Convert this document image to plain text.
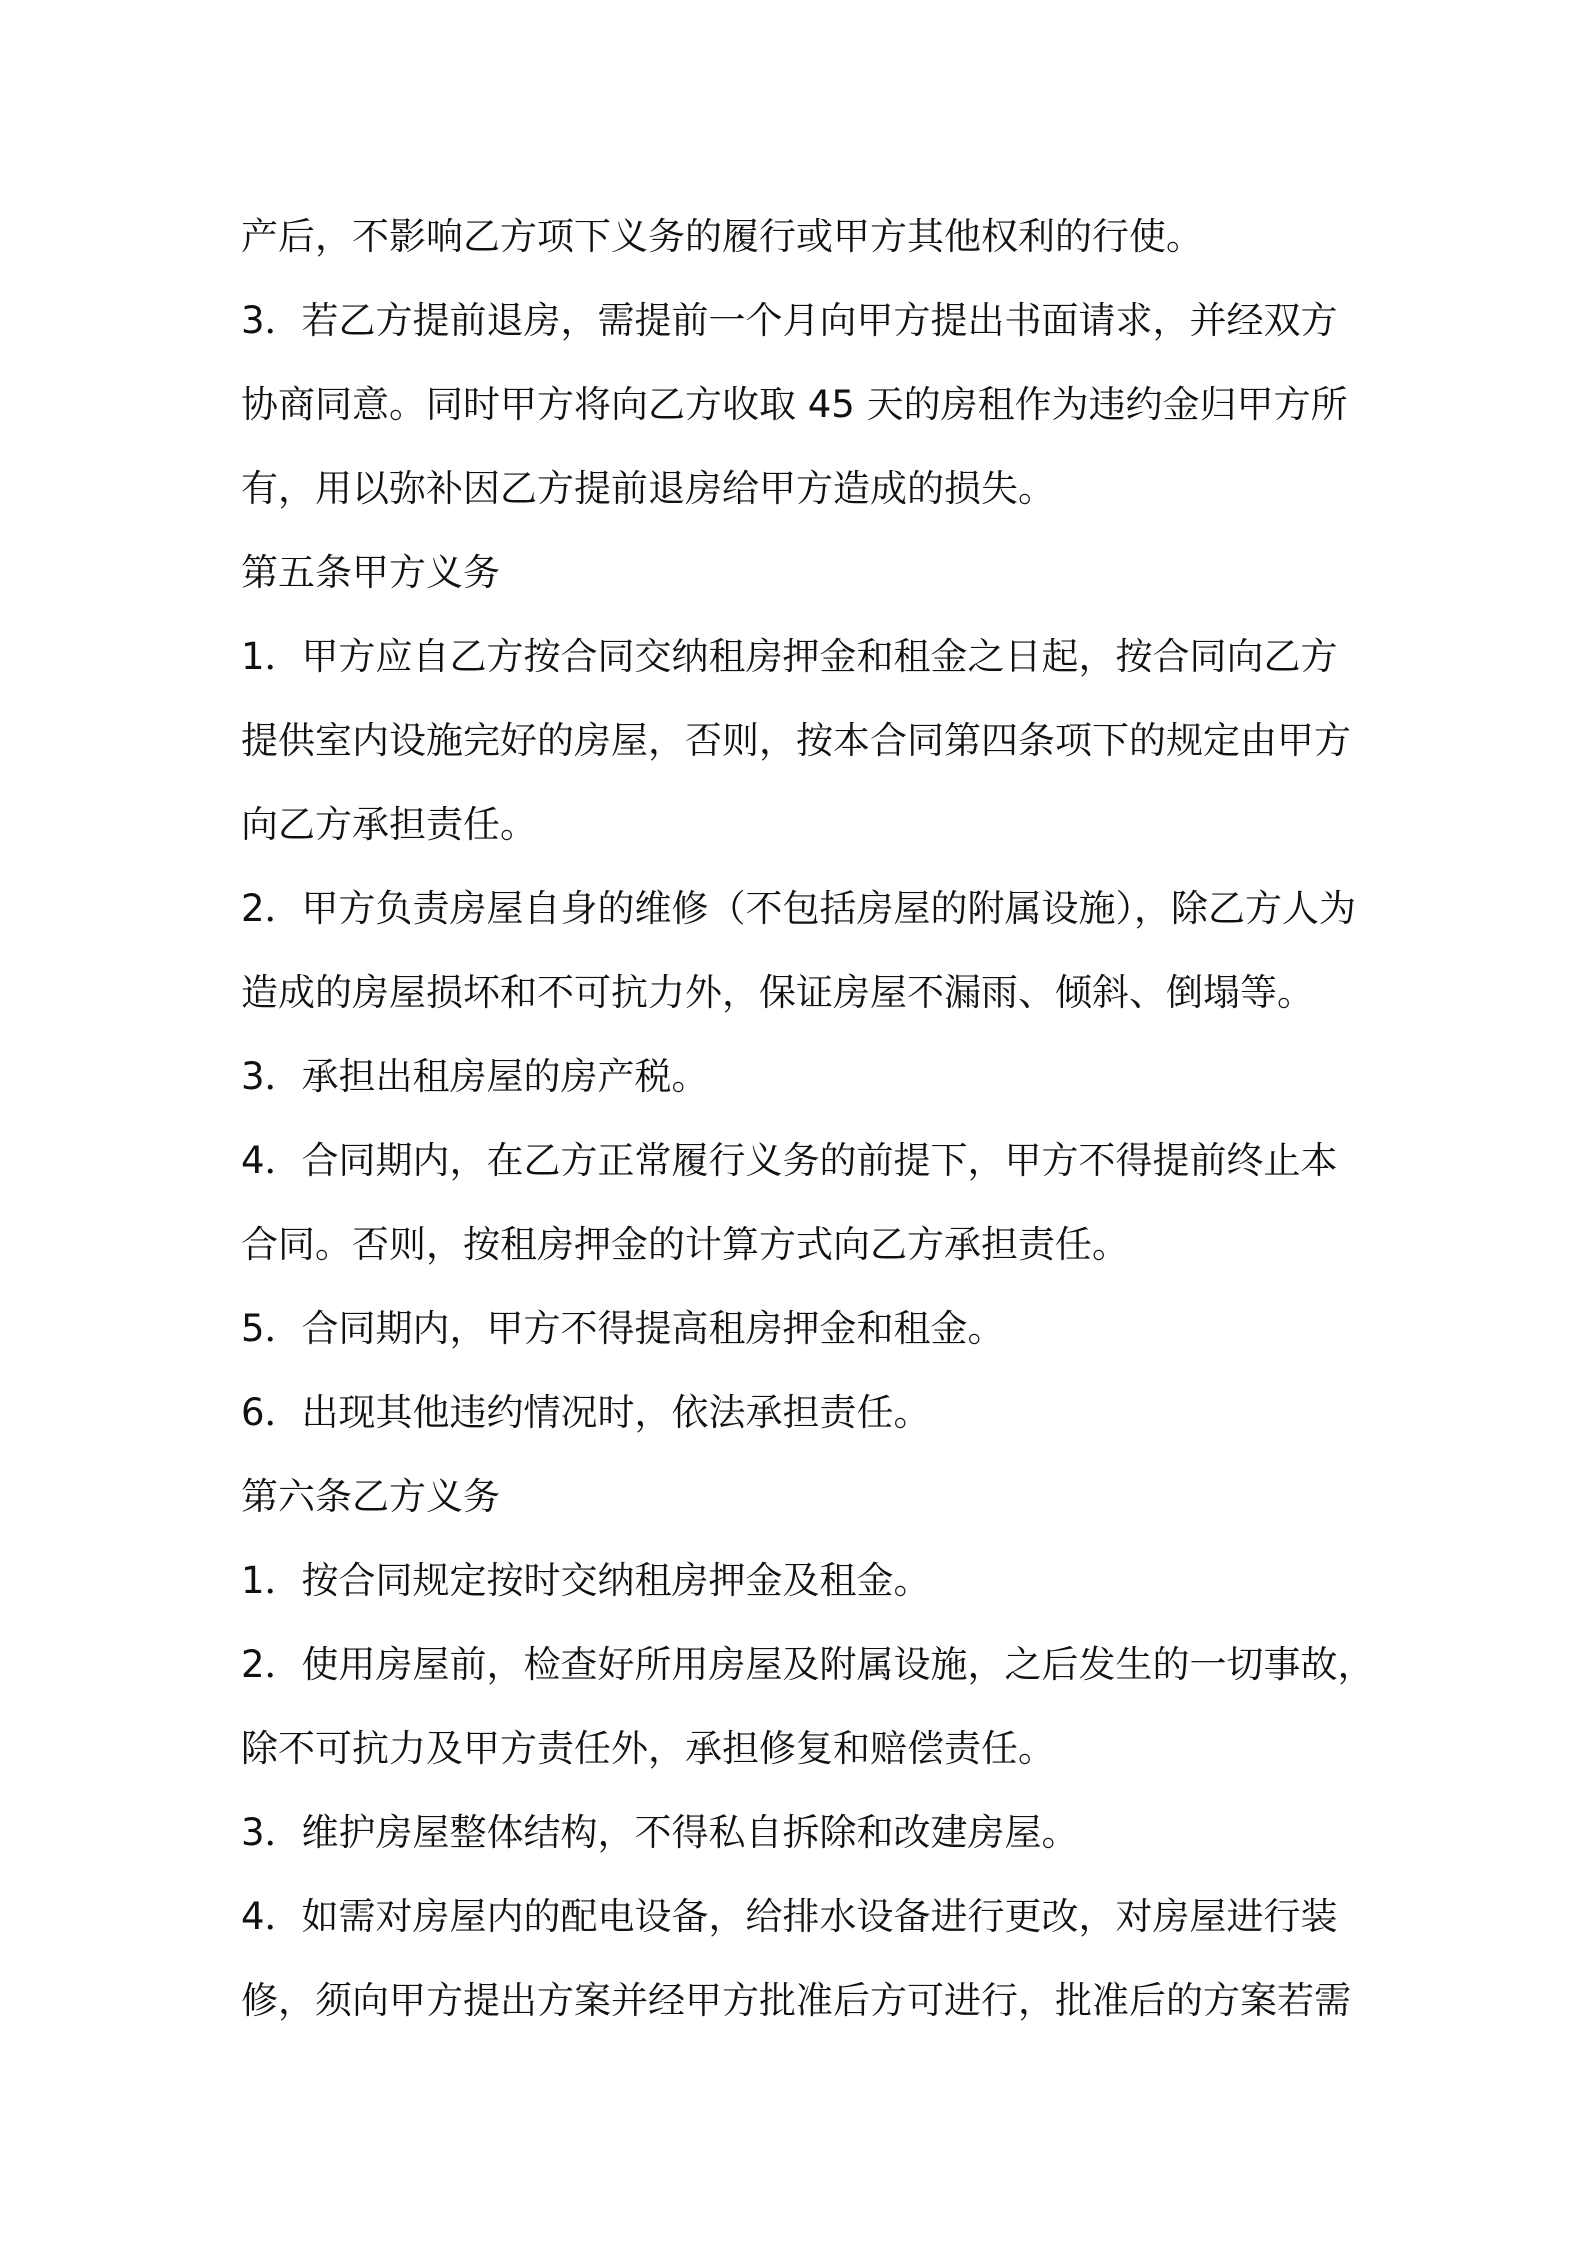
产后，不影响乙方项下义务的履行或甲方其他权利的行使。
3．若乙方提前退房，需提前一个月向甲方提出书面请求，并经双方
协商同意。同时甲方将向乙方收取 45 天的房租作为违约金归甲方所
有，用以弥补因乙方提前退房给甲方造成的损失。
第五条甲方义务
1．甲方应自乙方按合同交纳租房押金和租金之日起，按合同向乙方
提供室内设施完好的房屋，否则，按本合同第四条项下的规定由甲方
向乙方承担责任。
2．甲方负责房屋自身的维修（不包括房屋的附属设施），除乙方人为
造成的房屋损坏和不可抗力外，保证房屋不漏雨、倾斜、倒塌等。
3．承担出租房屋的房产税。
4．合同期内，在乙方正常履行义务的前提下，甲方不得提前终止本
合同。否则，按租房押金的计算方式向乙方承担责任。
5．合同期内，甲方不得提高租房押金和租金。
6．出现其他违约情况时，依法承担责任。
第六条乙方义务
1．按合同规定按时交纳租房押金及租金。
2．使用房屋前，检查好所用房屋及附属设施，之后发生的一切事故，
除不可抗力及甲方责任外，承担修复和赔偿责任。
3．维护房屋整体结构，不得私自拆除和改建房屋。
4．如需对房屋内的配电设备，给排水设备进行更改，对房屋进行装
修，须向甲方提出方案并经甲方批准后方可进行，批准后的方案若需
